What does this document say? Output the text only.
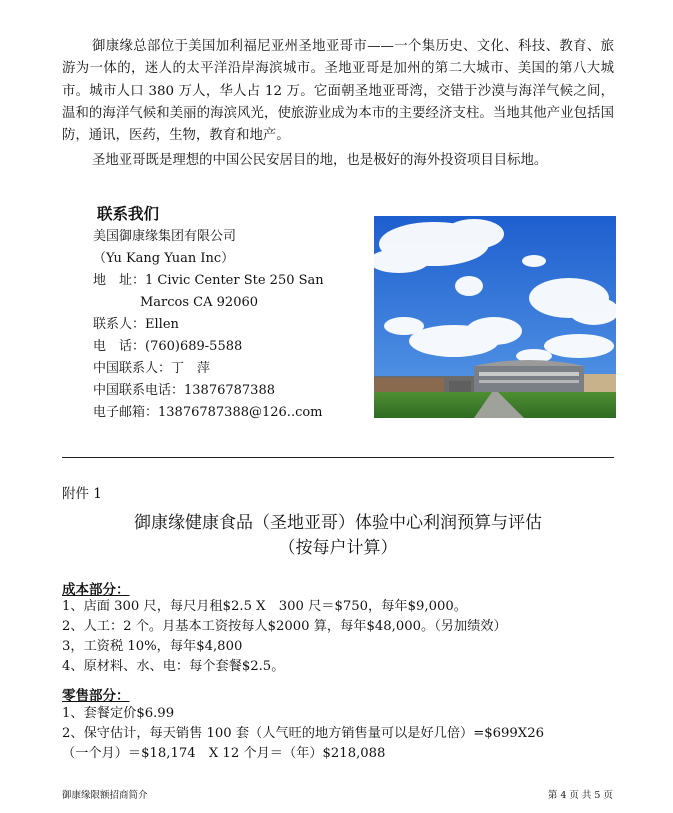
御康缘总部位于美国加利福尼亚州圣地亚哥市——一个集历史、文化、科技、教育、旅游为一体的，迷人的太平洋沿岸海滨城市。圣地亚哥是加州的第二大城市、美国的第八大城市。城市人口 380 万人，华人占 12 万。它面朝圣地亚哥湾，交错于沙漠与海洋气候之间，温和的海洋气候和美丽的海滨风光，使旅游业成为本市的主要经济支柱。当地其他产业包括国防，通讯，医药，生物，教育和地产。
圣地亚哥既是理想的中国公民安居目的地，也是极好的海外投资项目目标地。
联系我们
美国御康缘集团有限公司
（Yu Kang Yuan Inc）
地　址：1 Civic Center Ste 250 San
Marcos CA 92060
联系人：Ellen
电　话：(760)689-5588
中国联系人：丁　萍
中国联系电话：13876787388
电子邮箱：13876787388@126..com
附件 1
御康缘健康食品（圣地亚哥）体验中心利润预算与评估
（按每户计算）
成本部分：
1、店面 300 尺，每尺月租$2.5 X　300 尺＝$750，每年$9,000。
2、人工：2 个。月基本工资按每人$2000 算，每年$48,000。（另加绩效）
3，工资税 10%，每年$4,800
4、原材料、水、电：每个套餐$2.5。
零售部分：
1、套餐定价$6.99
2、保守估计，每天销售 100 套（人气旺的地方销售量可以是好几倍）=$699X26
（一个月）＝$18,174　X 12 个月＝（年）$218,088
御康缘限额招商简介	第 4 页 共 5 页
